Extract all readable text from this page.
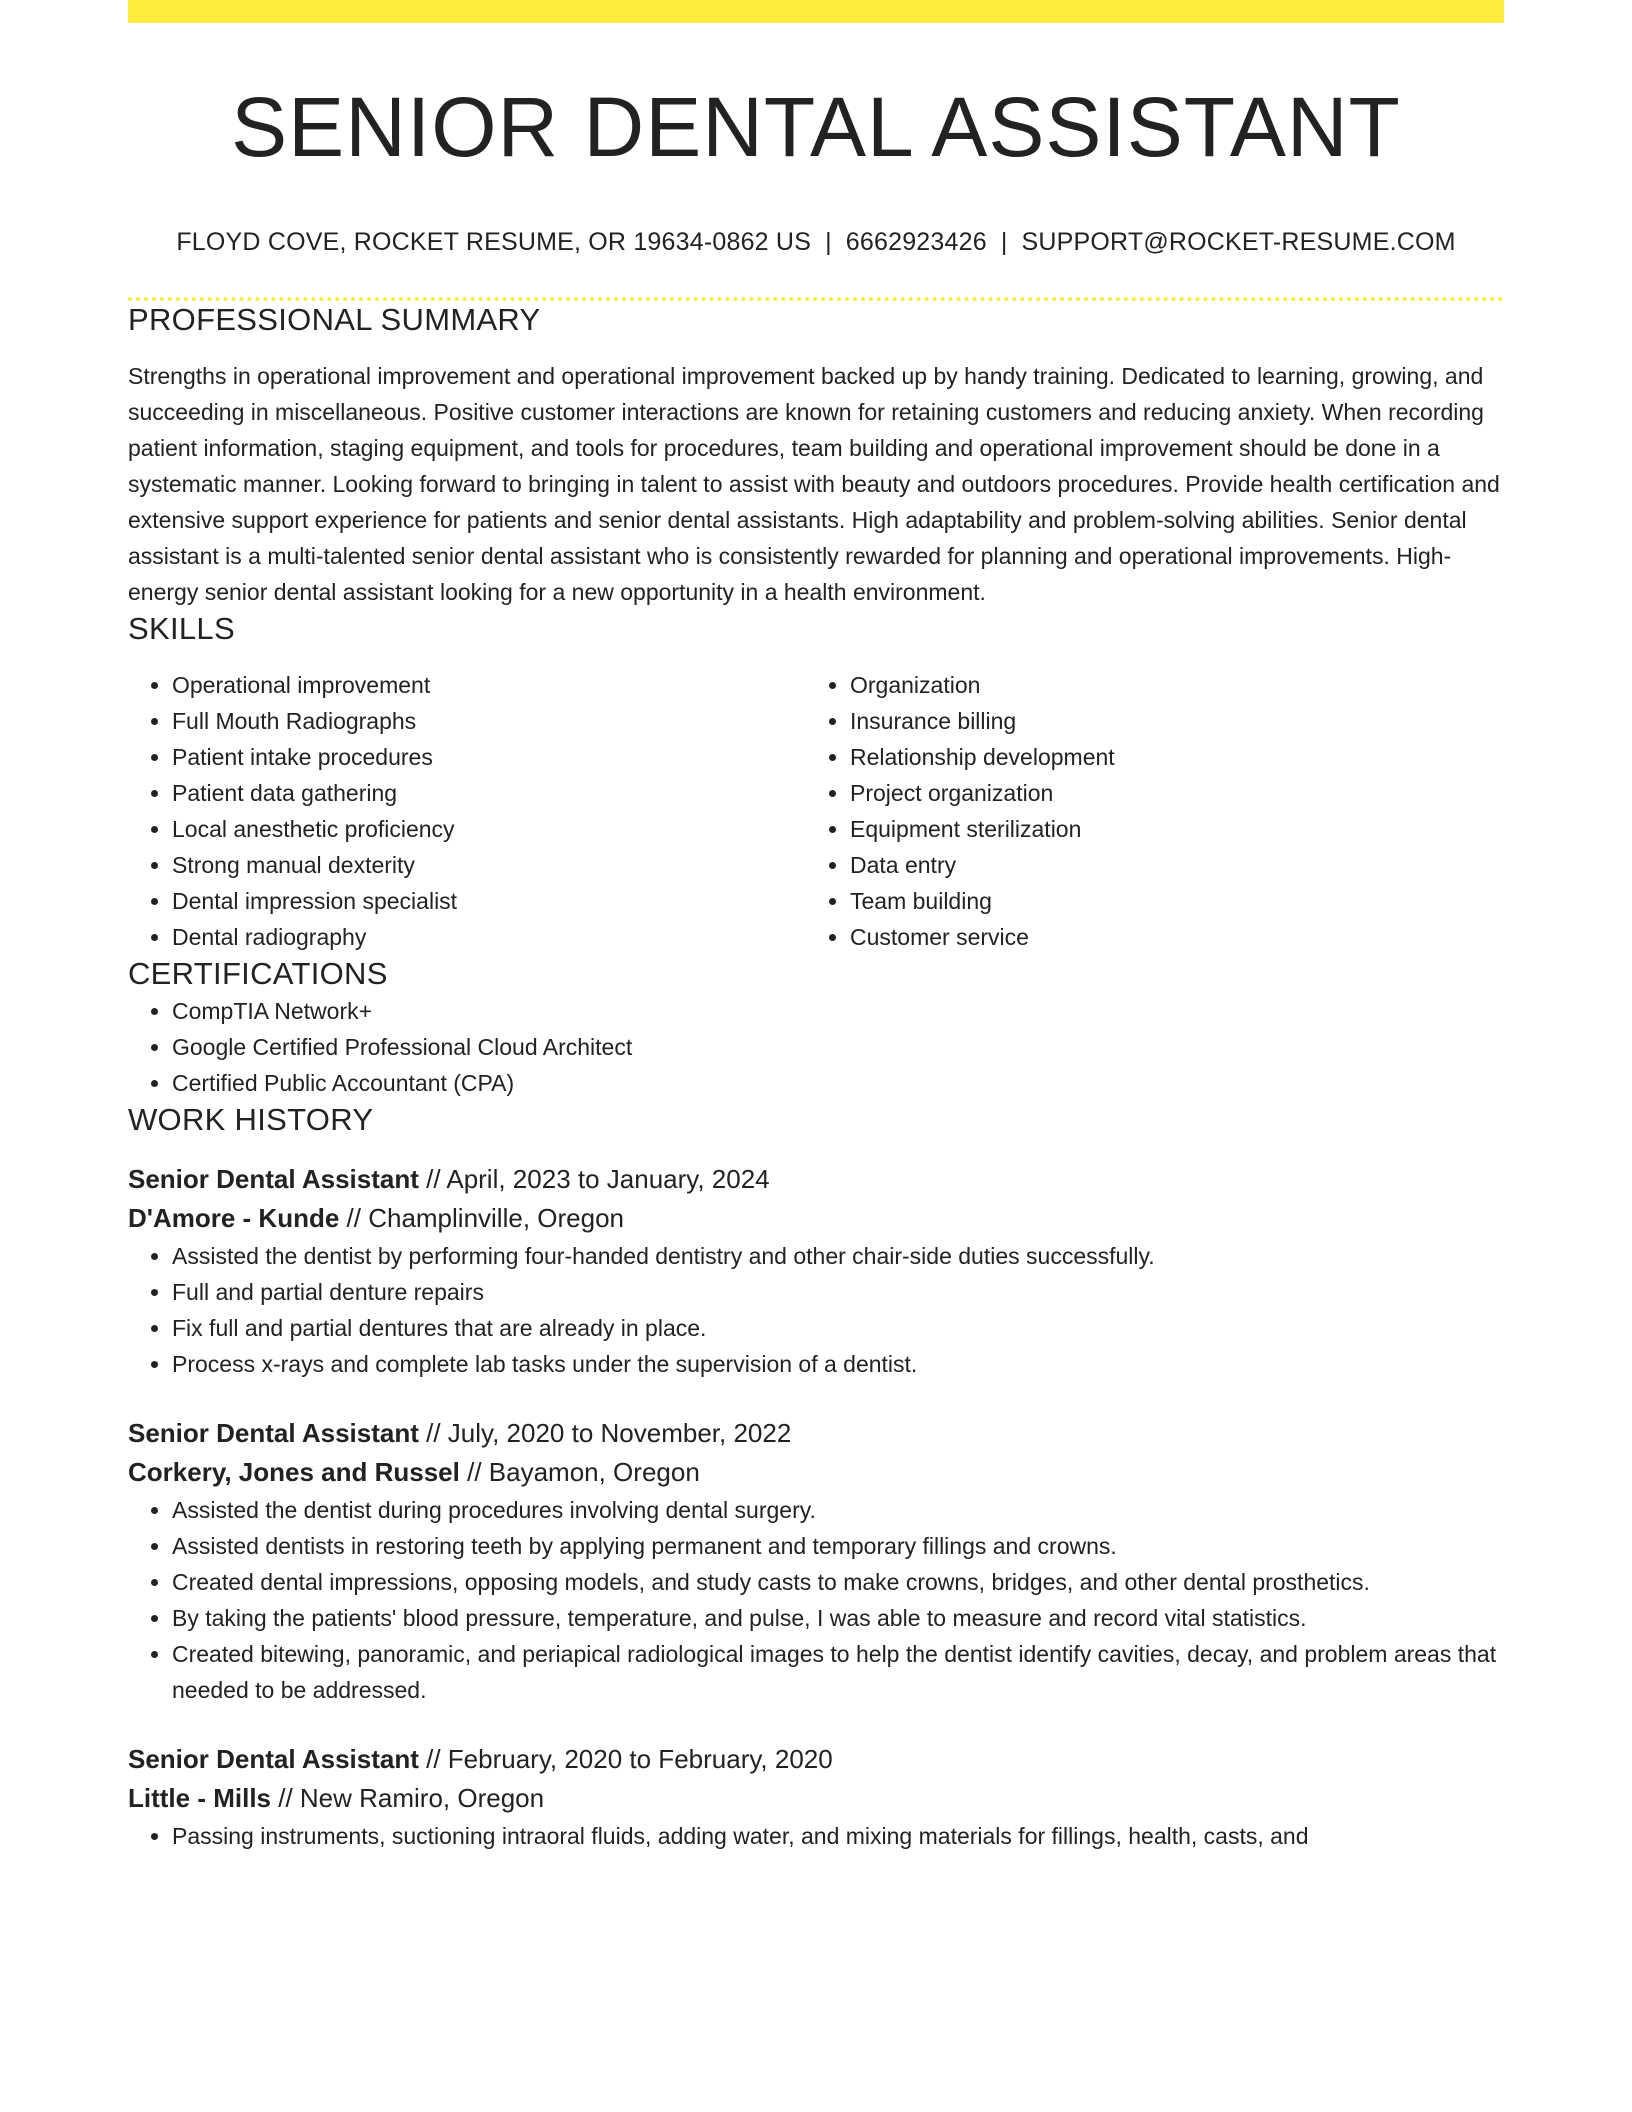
SENIOR DENTAL ASSISTANT
FLOYD COVE, ROCKET RESUME, OR 19634-0862 US | 6662923426 | SUPPORT@ROCKET-RESUME.COM
PROFESSIONAL SUMMARY

Strengths in operational improvement and operational improvement backed up by handy training. Dedicated to learning, growing, and succeeding in miscellaneous. Positive customer interactions are known for retaining customers and reducing anxiety. When recording patient information, staging equipment, and tools for procedures, team building and operational improvement should be done in a systematic manner. Looking forward to bringing in talent to assist with beauty and outdoors procedures. Provide health certification and extensive support experience for patients and senior dental assistants. High adaptability and problem-solving abilities. Senior dental assistant is a multi-talented senior dental assistant who is consistently rewarded for planning and operational improvements. High-energy senior dental assistant looking for a new opportunity in a health environment.

SKILLS
• Operational improvement
• Full Mouth Radiographs
• Patient intake procedures
• Patient data gathering
• Local anesthetic proficiency
• Strong manual dexterity
• Dental impression specialist
• Dental radiography
• Organization
• Insurance billing
• Relationship development
• Project organization
• Equipment sterilization
• Data entry
• Team building
• Customer service
CERTIFICATIONS
• CompTIA Network+
• Google Certified Professional Cloud Architect
• Certified Public Accountant (CPA)
WORK HISTORY
Senior Dental Assistant // April, 2023 to January, 2024
D'Amore - Kunde // Champlinville, Oregon
• Assisted the dentist by performing four-handed dentistry and other chair-side duties successfully.
• Full and partial denture repairs
• Fix full and partial dentures that are already in place.
• Process x-rays and complete lab tasks under the supervision of a dentist.
Senior Dental Assistant // July, 2020 to November, 2022
Corkery, Jones and Russel // Bayamon, Oregon
• Assisted the dentist during procedures involving dental surgery.
• Assisted dentists in restoring teeth by applying permanent and temporary fillings and crowns.
• Created dental impressions, opposing models, and study casts to make crowns, bridges, and other dental prosthetics.
• By taking the patients' blood pressure, temperature, and pulse, I was able to measure and record vital statistics.
• Created bitewing, panoramic, and periapical radiological images to help the dentist identify cavities, decay, and problem areas that needed to be addressed.
Senior Dental Assistant // February, 2020 to February, 2020
Little - Mills // New Ramiro, Oregon
• Passing instruments, suctioning intraoral fluids, adding water, and mixing materials for fillings, health, casts, and
